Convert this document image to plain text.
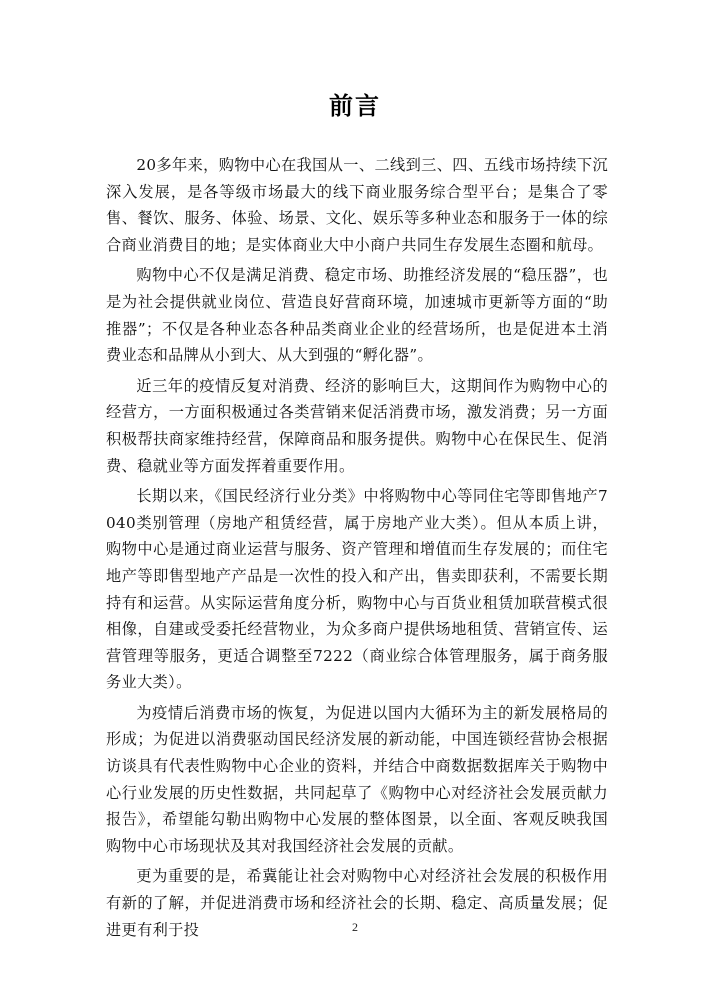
前言

20多年来，购物中心在我国从一、二线到三、四、五线市场持续下沉深入发展，是各等级市场最大的线下商业服务综合型平台；是集合了零售、餐饮、服务、体验、场景、文化、娱乐等多种业态和服务于一体的综合商业消费目的地；是实体商业大中小商户共同生存发展生态圈和航母。

购物中心不仅是满足消费、稳定市场、助推经济发展的“稳压器”，也是为社会提供就业岗位、营造良好营商环境，加速城市更新等方面的“助推器”；不仅是各种业态各种品类商业企业的经营场所，也是促进本土消费业态和品牌从小到大、从大到强的“孵化器”。

近三年的疫情反复对消费、经济的影响巨大，这期间作为购物中心的经营方，一方面积极通过各类营销来促活消费市场，激发消费；另一方面积极帮扶商家维持经营，保障商品和服务提供。购物中心在保民生、促消费、稳就业等方面发挥着重要作用。

长期以来，《国民经济行业分类》中将购物中心等同住宅等即售地产7040类别管理（房地产租赁经营，属于房地产业大类）。但从本质上讲，购物中心是通过商业运营与服务、资产管理和增值而生存发展的；而住宅地产等即售型地产产品是一次性的投入和产出，售卖即获利，不需要长期持有和运营。从实际运营角度分析，购物中心与百货业租赁加联营模式很相像，自建或受委托经营物业，为众多商户提供场地租赁、营销宣传、运营管理等服务，更适合调整至7222（商业综合体管理服务，属于商务服务业大类）。

为疫情后消费市场的恢复，为促进以国内大循环为主的新发展格局的形成；为促进以消费驱动国民经济发展的新动能，中国连锁经营协会根据访谈具有代表性购物中心企业的资料，并结合中商数据数据库关于购物中心行业发展的历史性数据，共同起草了《购物中心对经济社会发展贡献力报告》，希望能勾勒出购物中心发展的整体图景，以全面、客观反映我国购物中心市场现状及其对我国经济社会发展的贡献。

更为重要的是，希冀能让社会对购物中心对经济社会发展的积极作用有新的了解，并促进消费市场和经济社会的长期、稳定、高质量发展；促进更有利于投	2
